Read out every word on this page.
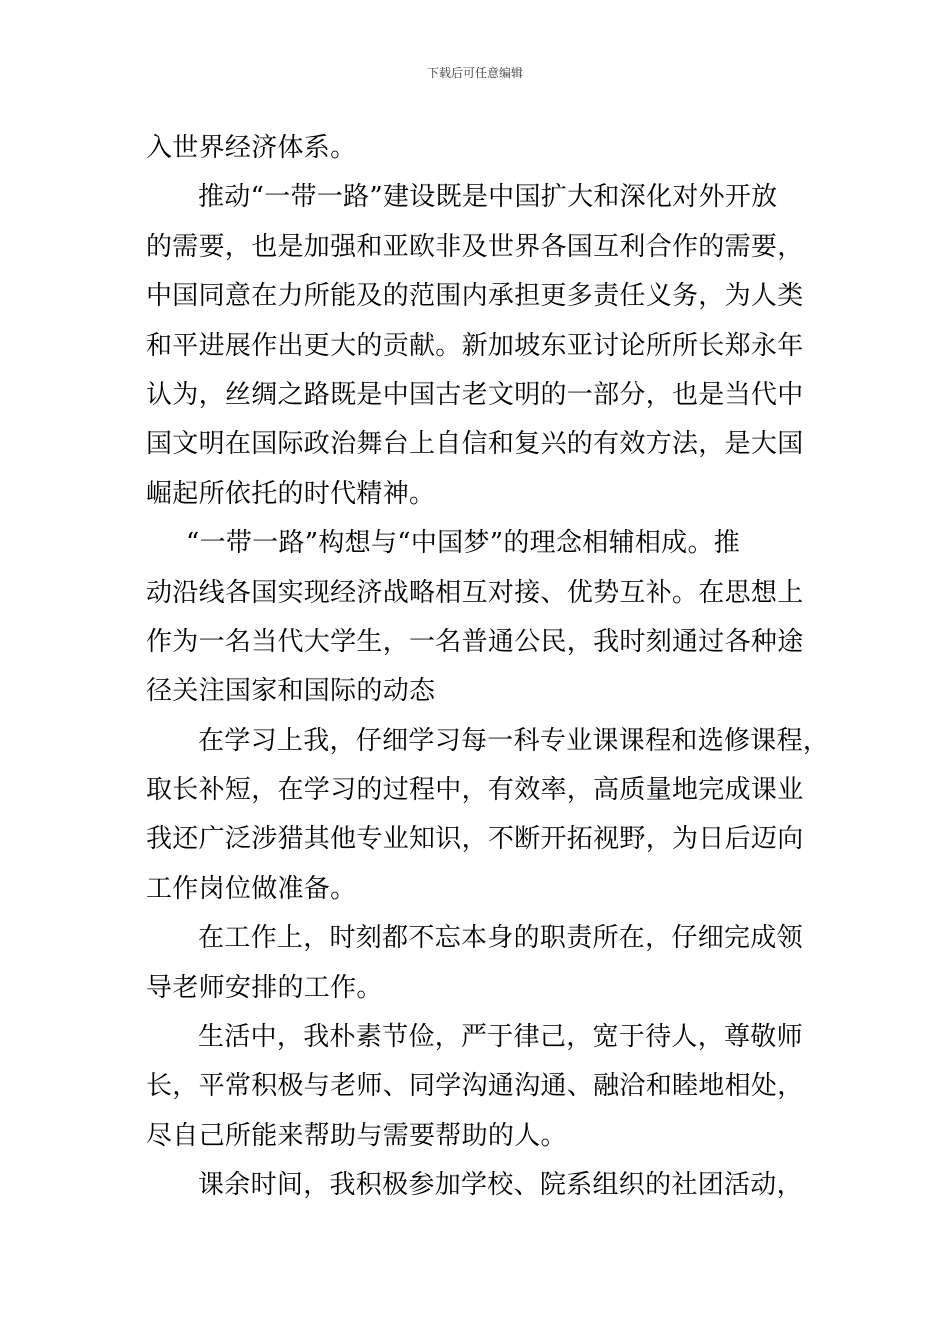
下载后可任意编辑
入世界经济体系。
推动“一带一路”建设既是中国扩大和深化对外开放
的需要，也是加强和亚欧非及世界各国互利合作的需要，
中国同意在力所能及的范围内承担更多责任义务，为人类
和平进展作出更大的贡献。新加坡东亚讨论所所长郑永年
认为，丝绸之路既是中国古老文明的一部分，也是当代中
国文明在国际政治舞台上自信和复兴的有效方法，是大国
崛起所依托的时代精神。
“一带一路”构想与“中国梦”的理念相辅相成。推
动沿线各国实现经济战略相互对接、优势互补。在思想上
作为一名当代大学生，一名普通公民，我时刻通过各种途
径关注国家和国际的动态
在学习上我，仔细学习每一科专业课课程和选修课程，
取长补短，在学习的过程中，有效率，高质量地完成课业
我还广泛涉猎其他专业知识，不断开拓视野，为日后迈向
工作岗位做准备。
在工作上，时刻都不忘本身的职责所在，仔细完成领
导老师安排的工作。
生活中，我朴素节俭，严于律己，宽于待人，尊敬师
长，平常积极与老师、同学沟通沟通、融洽和睦地相处，
尽自己所能来帮助与需要帮助的人。
课余时间，我积极参加学校、院系组织的社团活动，
